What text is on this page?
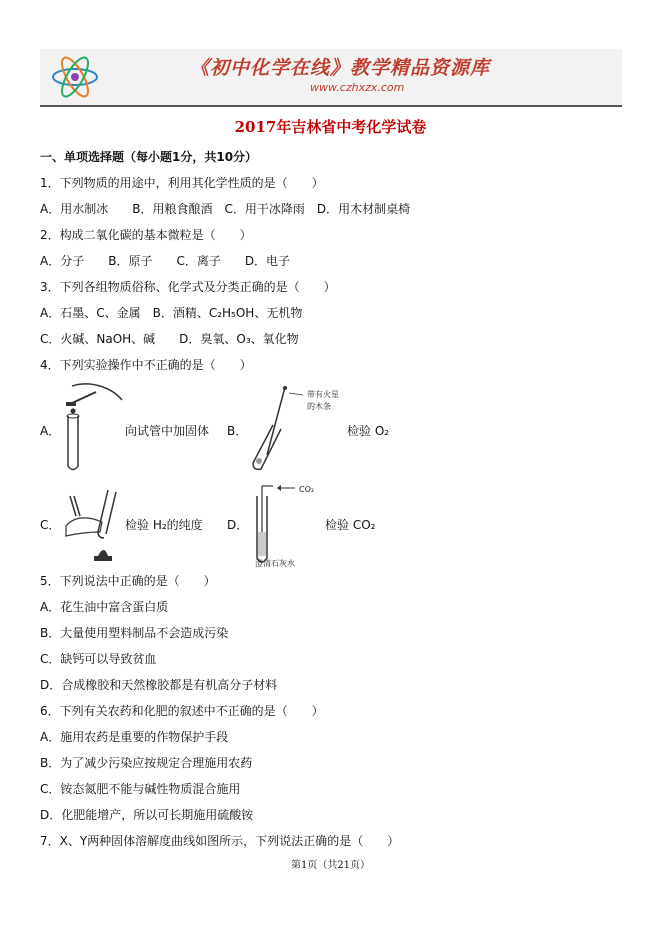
《初中化学在线》教学精品资源库
www.czhxzx.com
2017年吉林省中考化学试卷
一、单项选择题（每小题1分，共10分）
1．下列物质的用途中，利用其化学性质的是（　　）
A．用水制冰　　B．用粮食酿酒　C．用干冰降雨　D．用木材制桌椅
2．构成二氧化碳的基本微粒是（　　）
A．分子　　B．原子　　C．离子　　D．电子
3．下列各组物质俗称、化学式及分类正确的是（　　）
A．石墨、C、金属　B．酒精、C₂H₅OH、无机物
C．火碱、NaOH、碱　　D．臭氧、O₃、氧化物
4．下列实验操作中不正确的是（　　）
A．	向试管中加固体 B．
带有火星
的木条
检验 O₂
C．	检验 H₂的纯度 D．
CO₂
澄清石灰水
检验 CO₂
5．下列说法中正确的是（　　）
A．花生油中富含蛋白质
B．大量使用塑料制品不会造成污染
C．缺钙可以导致贫血
D．合成橡胶和天然橡胶都是有机高分子材料
6．下列有关农药和化肥的叙述中不正确的是（　　）
A．施用农药是重要的作物保护手段
B．为了减少污染应按规定合理施用农药
C．铵态氮肥不能与碱性物质混合施用
D．化肥能增产，所以可长期施用硫酸铵
7．X、Y两种固体溶解度曲线如图所示，下列说法正确的是（　　）
第1页（共21页）
